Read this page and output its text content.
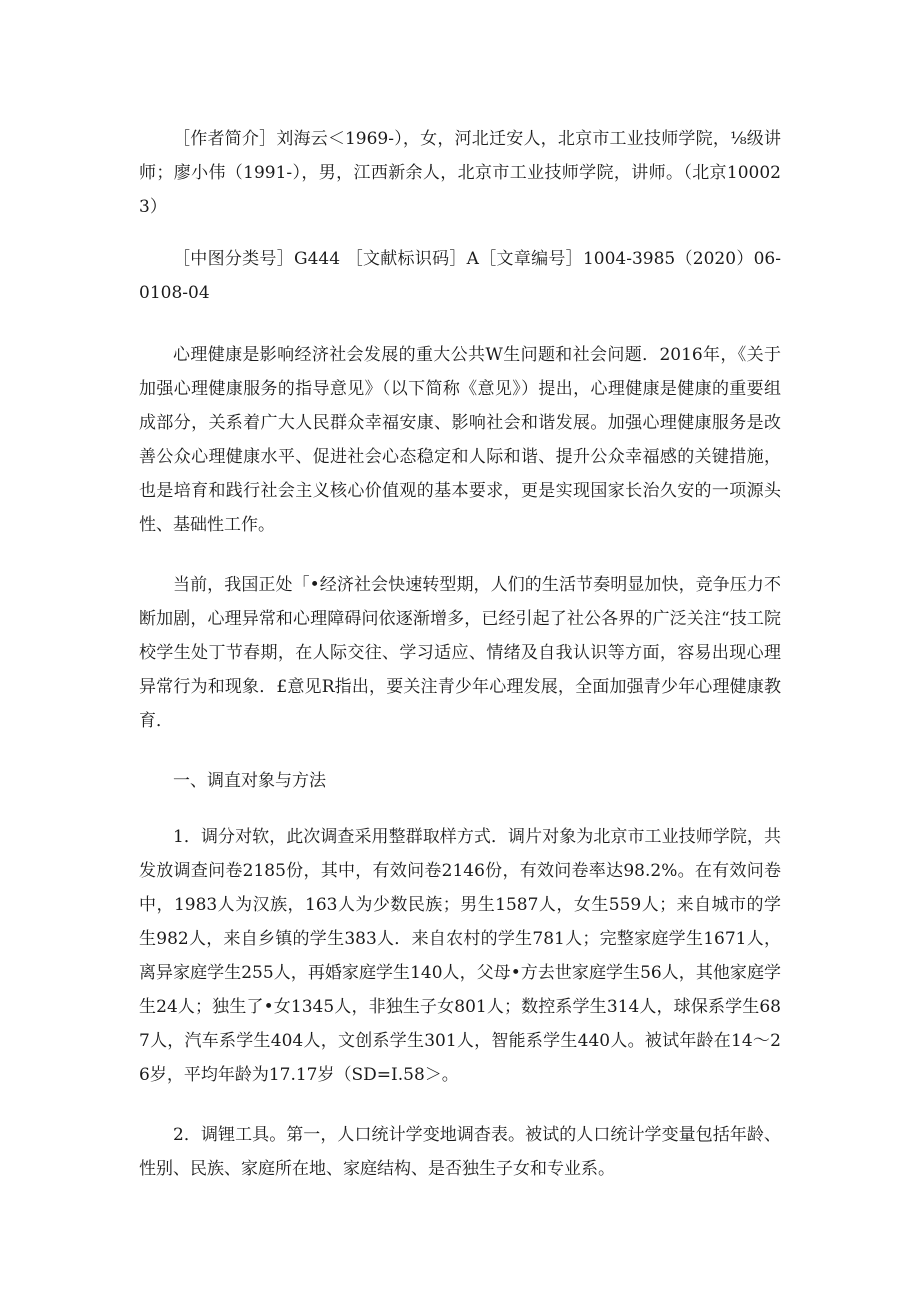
［作者简介］刘海云＜1969-），女，河北迁安人，北京市工业技师学院，⅛级讲师；廖小伟（1991-），男，江西新余人，北京市工业技师学院，讲师。（北京100023）

［中图分类号］G444 ［文献标识码］A［文章编号］1004-3985（2020）06-0108-04

心理健康是影响经济社会发展的重大公共W生问题和社会问题．2016年，《关于加强心理健康服务的指导意见》（以下简称《意见》）提出，心理健康是健康的重要组成部分，关系着广大人民群众幸福安康、影响社会和谐发展。加强心理健康服务是改善公众心理健康水平、促进社会心态稳定和人际和谐、提升公众幸福感的关键措施，也是培育和践行社会主义核心价值观的基本要求，更是实现国家长治久安的一项源头性、基础性工作。

当前，我国正处「•经济社会快速转型期，人们的生活节奏明显加快，竞争压力不断加剧，心理异常和心理障碍问依逐渐增多，已经引起了社公各界的广泛关注“技工院校学生处丁节春期，在人际交往、学习适应、情绪及自我认识等方面，容易出现心理异常行为和现象．£意见R指出，要关注青少年心理发展，全面加强青少年心理健康教育．

一、调直对象与方法

1．调分对软，此次调查采用整群取样方式．调片对象为北京市工业技师学院，共发放调查问卷2185份，其中，有效问卷2146份，有效问卷率达98.2%。在有效问卷中，1983人为汉族，163人为少数民族；男生1587人，女生559人；来自城市的学生982人，来自乡镇的学生383人．来自农村的学生781人；完整家庭学生1671人，离异家庭学生255人，再婚家庭学生140人，父母•方去世家庭学生56人，其他家庭学生24人；独生了•女1345人，非独生子女801人；数控系学生314人，球保系学生687人，汽车系学生404人，文创系学生301人，智能系学生440人。被试年龄在14～26岁，平均年龄为17.17岁（SD=I.58＞。

2．调锂工具。第一，人口统计学变地调杳表。被试的人口统计学变量包括年龄、性别、民族、家庭所在地、家庭结构、是否独生子女和专业系。
